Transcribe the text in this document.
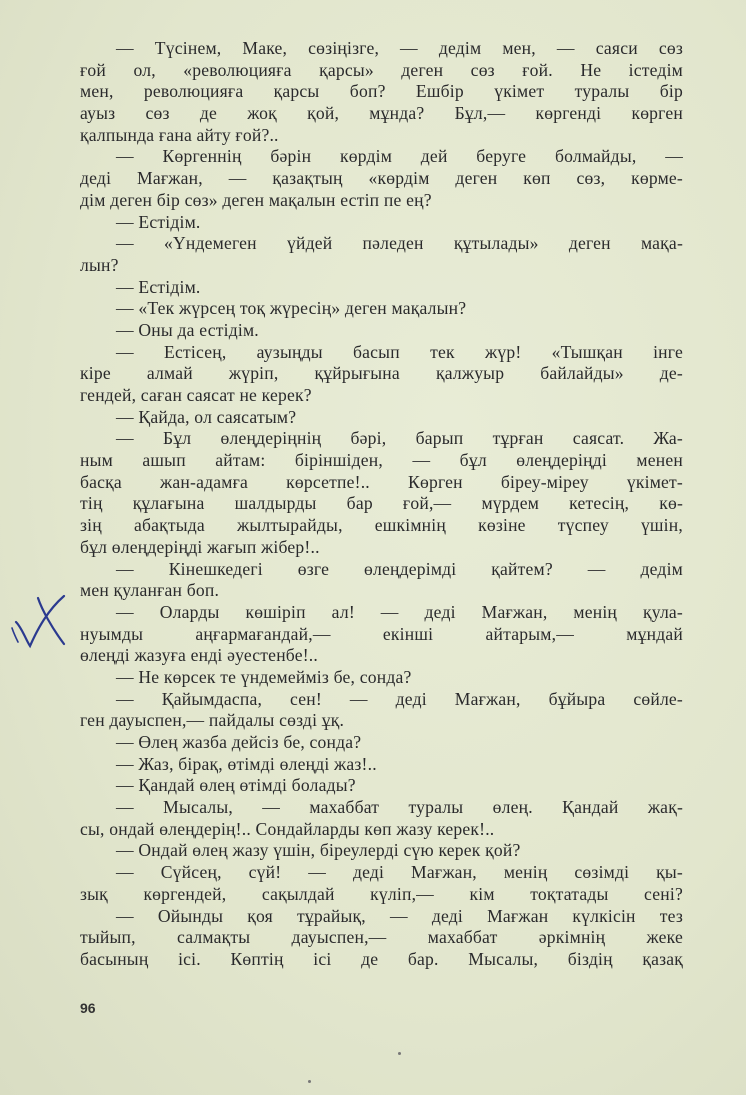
— Түсінем, Маке, сөзіңізге, — дедім мен, — саяси сөз
ғой ол, «революцияға қарсы» деген сөз ғой. Не істедім
мен, революцияға қарсы боп? Ешбір үкімет туралы бір
ауыз сөз де жоқ қой, мұнда? Бұл,— көргенді көрген
қалпында ғана айту ғой?..
— Көргеннің бәрін көрдім дей беруге болмайды, —
деді Мағжан, — қазақтың «көрдім деген көп сөз, көрме-
дім деген бір сөз» деген мақалын естіп пе ең?
— Естідім.
— «Үндемеген үйдей пәледен құтылады» деген мақа-
лын?
— Естідім.
— «Тек жүрсең тоқ жүресің» деген мақалын?
— Оны да естідім.
— Естісең, аузыңды басып тек жүр! «Тышқан інге
кіре алмай жүріп, құйрығына қалжуыр байлайды» де-
гендей, саған саясат не керек?
— Қайда, ол саясатым?
— Бұл өлеңдеріңнің бәрі, барып тұрған саясат. Жа-
ным ашып айтам: біріншіден, — бұл өлеңдеріңді менен
басқа жан-адамға көрсетпе!.. Көрген біреу-міреу үкімет-
тің құлағына шалдырды бар ғой,— мүрдем кетесің, кө-
зің абақтыда жылтырайды, ешкімнің көзіне түспеу үшін,
бұл өлеңдеріңді жағып жібер!..
— Кінешкедегі өзге өлеңдерімді қайтем? — дедім
мен қуланған боп.
— Оларды көшіріп ал! — деді Мағжан, менің қула-
нуымды аңғармағандай,— екінші айтарым,— мұндай
өлеңді жазуға енді әуестенбе!..
— Не көрсек те үндемейміз бе, сонда?
— Қайымдаспа, сен! — деді Мағжан, бұйыра сөйле-
ген дауыспен,— пайдалы сөзді ұқ.
— Өлең жазба дейсіз бе, сонда?
— Жаз, бірақ, өтімді өлеңді жаз!..
— Қандай өлең өтімді болады?
— Мысалы, — махаббат туралы өлең. Қандай жақ-
сы, ондай өлеңдерің!.. Сондайларды көп жазу керек!..
— Ондай өлең жазу үшін, біреулерді сүю керек қой?
— Сүйсең, сүй! — деді Мағжан, менің сөзімді қы-
зық көргендей, сақылдай күліп,— кім тоқтатады сені?
— Ойынды қоя тұрайық, — деді Мағжан күлкісін тез
тыйып, салмақты дауыспен,— махаббат әркімнің жеке
басының ісі. Көптің ісі де бар. Мысалы, біздің қазақ
96
